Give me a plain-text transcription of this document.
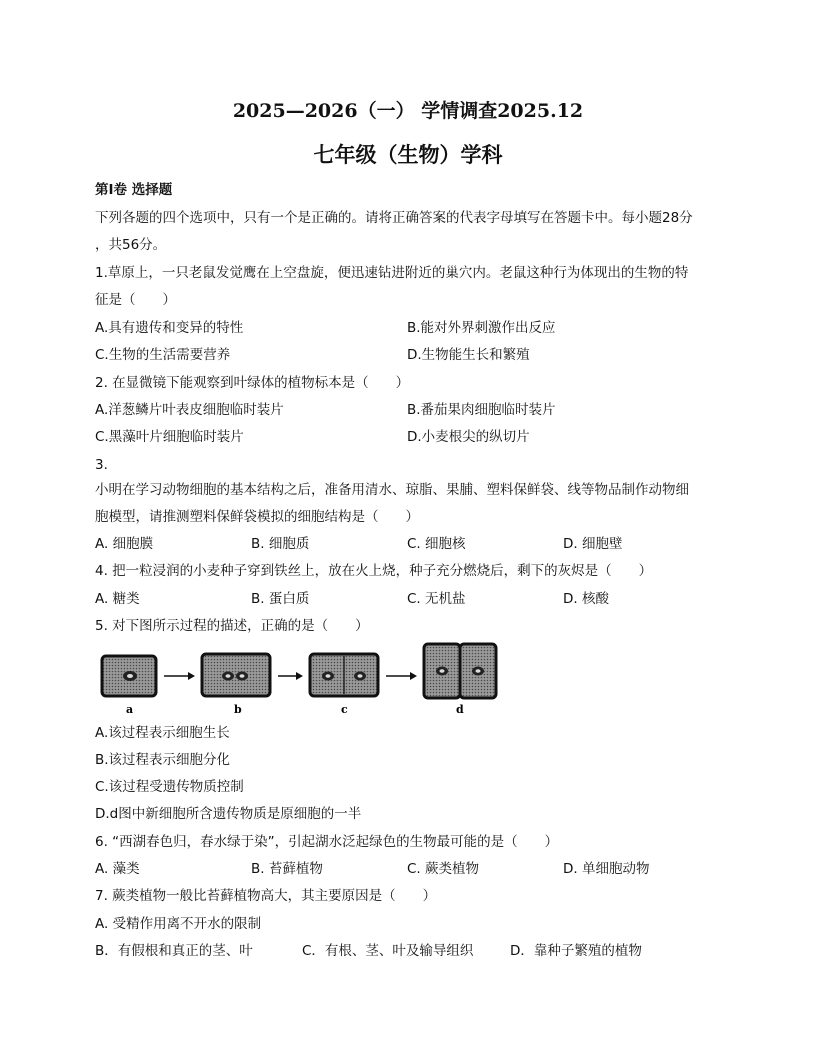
2025—2026（一） 学情调查2025.12
七年级（生物）学科
第Ⅰ卷 选择题
下列各题的四个选项中，只有一个是正确的。请将正确答案的代表字母填写在答题卡中。每小题28分
，共56分。
1.草原上，一只老鼠发觉鹰在上空盘旋，便迅速钻进附近的巢穴内。老鼠这种行为体现出的生物的特
征是（　　）
A.具有遗传和变异的特性	B.能对外界刺激作出反应
C.生物的生活需要营养	D.生物能生长和繁殖
2. 在显微镜下能观察到叶绿体的植物标本是（　　）
A.洋葱鳞片叶表皮细胞临时装片	B.番茄果肉细胞临时装片
C.黑藻叶片细胞临时装片	D.小麦根尖的纵切片
3.
小明在学习动物细胞的基本结构之后，准备用清水、琼脂、果脯、塑料保鲜袋、线等物品制作动物细
胞模型，请推测塑料保鲜袋模拟的细胞结构是（　　）
A. 细胞膜	B. 细胞质	C. 细胞核	D. 细胞壁
4. 把一粒浸润的小麦种子穿到铁丝上，放在火上烧，种子充分燃烧后，剩下的灰烬是（　　）
A. 糖类	B. 蛋白质	C. 无机盐	D. 核酸
5. 对下图所示过程的描述，正确的是（　　）
a	b	c	d
A.该过程表示细胞生长
B.该过程表示细胞分化
C.该过程受遗传物质控制
D.d图中新细胞所含遗传物质是原细胞的一半
6. “西湖春色归，春水绿于染”，引起湖水泛起绿色的生物最可能的是（　　）
A. 藻类	B. 苔藓植物	C. 蕨类植物	D. 单细胞动物
7. 蕨类植物一般比苔藓植物高大，其主要原因是（　　）
A. 受精作用离不开水的限制
B．有假根和真正的茎、叶	C．有根、茎、叶及输导组织	D．靠种子繁殖的植物
